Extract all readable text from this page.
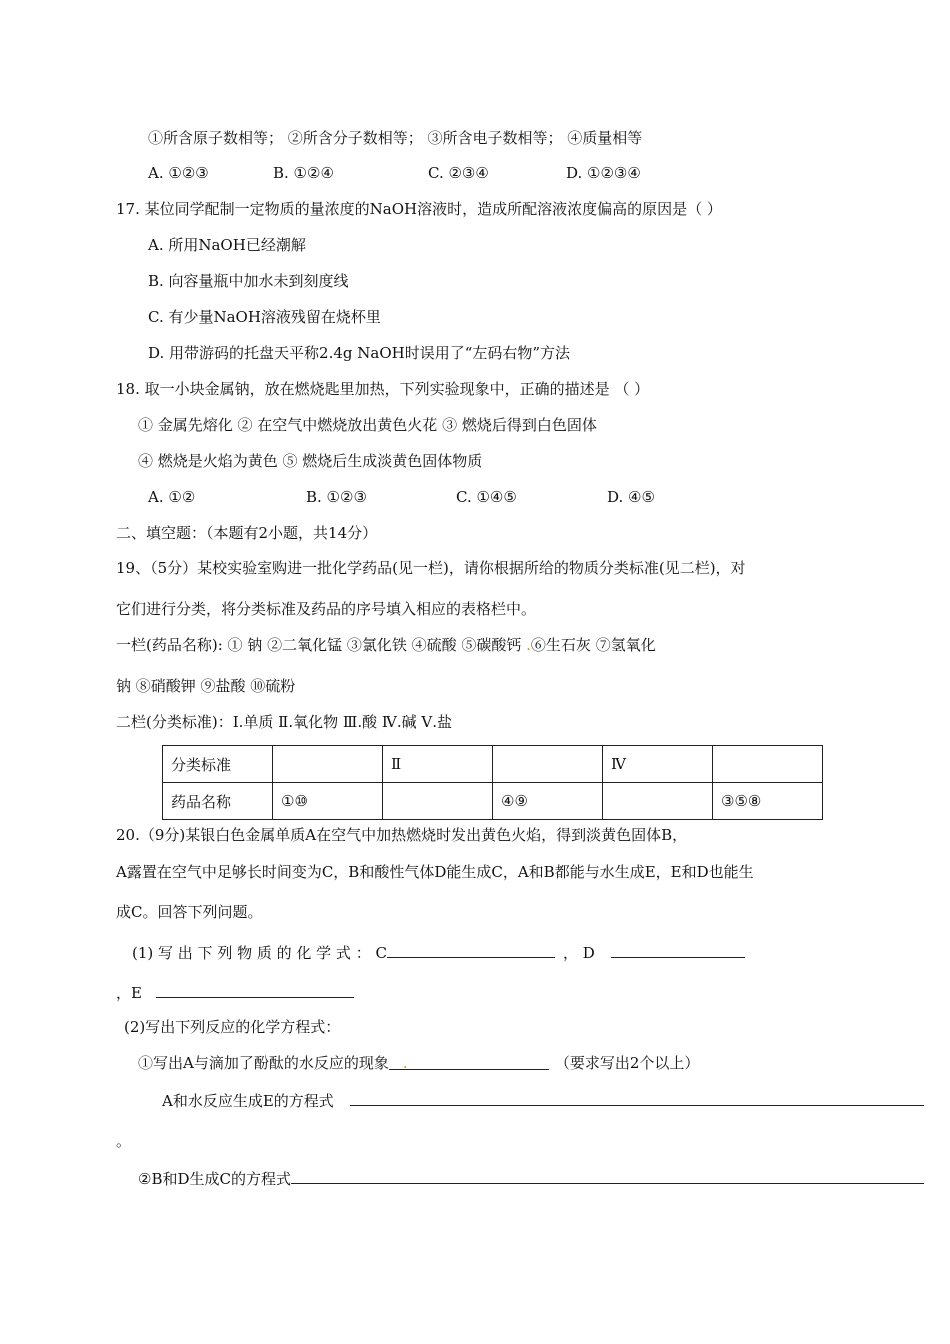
①所含原子数相等； ②所含分子数相等； ③所含电子数相等； ④质量相等
A. ①②③	B. ①②④	C. ②③④	D. ①②③④
17. 某位同学配制一定物质的量浓度的NaOH溶液时，造成所配溶液浓度偏高的原因是（ ）
A. 所用NaOH已经潮解
B. 向容量瓶中加水未到刻度线
C. 有少量NaOH溶液残留在烧杯里
D. 用带游码的托盘天平称2.4g NaOH时误用了“左码右物”方法
18. 取一小块金属钠，放在燃烧匙里加热，下列实验现象中，正确的描述是 （ ）
① 金属先熔化 ② 在空气中燃烧放出黄色火花 ③ 燃烧后得到白色固体
④ 燃烧是火焰为黄色 ⑤ 燃烧后生成淡黄色固体物质
A. ①②	B. ①②③	C. ①④⑤	D. ④⑤
二、填空题：（本题有2小题，共14分）
19、（5分）某校实验室购进一批化学药品(见一栏)，请你根据所给的物质分类标准(见二栏)，对
它们进行分类，将分类标准及药品的序号填入相应的表格栏中。
一栏(药品名称): ① 钠 ②二氧化锰 ③氯化铁 ④硫酸 ⑤碳酸钙 .⑥生石灰 ⑦氢氧化
钠 ⑧硝酸钾 ⑨盐酸 ⑩硫粉
二栏(分类标准)：Ⅰ.单质 Ⅱ.氧化物 Ⅲ.酸 Ⅳ.碱 Ⅴ.盐
分类标准		Ⅱ		Ⅳ	
药品名称	①⑩		④⑨		③⑤⑧
20.（9分)某银白色金属单质A在空气中加热燃烧时发出黄色火焰，得到淡黄色固体B，
A露置在空气中足够长时间变为C，B和酸性气体D能生成C，A和B都能与水生成E，E和D也能生
成C。回答下列问题。
(1) 写 出 下 列 物 质 的 化 学 式 ： C	， D
，E
(2)写出下列反应的化学方程式：
①写出A与滴加了酚酞的水反应的现象 .	（要求写出2个以上）
A和水反应生成E的方程式
。
②B和D生成C的方程式
